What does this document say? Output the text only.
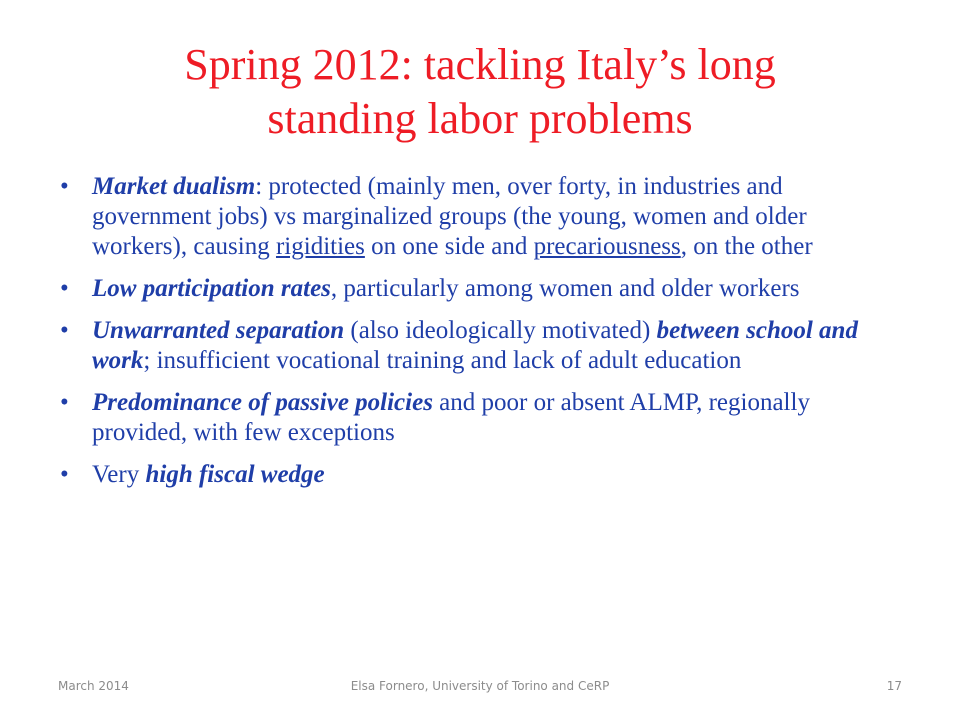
Spring 2012: tackling Italy’s long
standing labor problems
• Market dualism: protected (mainly men, over forty, in industries and government jobs) vs marginalized groups (the young, women and older workers), causing rigidities on one side and precariousness, on the other
• Low participation rates, particularly among women and older workers
• Unwarranted separation (also ideologically motivated) between school and work; insufficient vocational training and lack of adult education
• Predominance of passive policies and poor or absent ALMP, regionally provided, with few exceptions
• Very high fiscal wedge
March 2014	Elsa Fornero, University of Torino and CeRP	17
